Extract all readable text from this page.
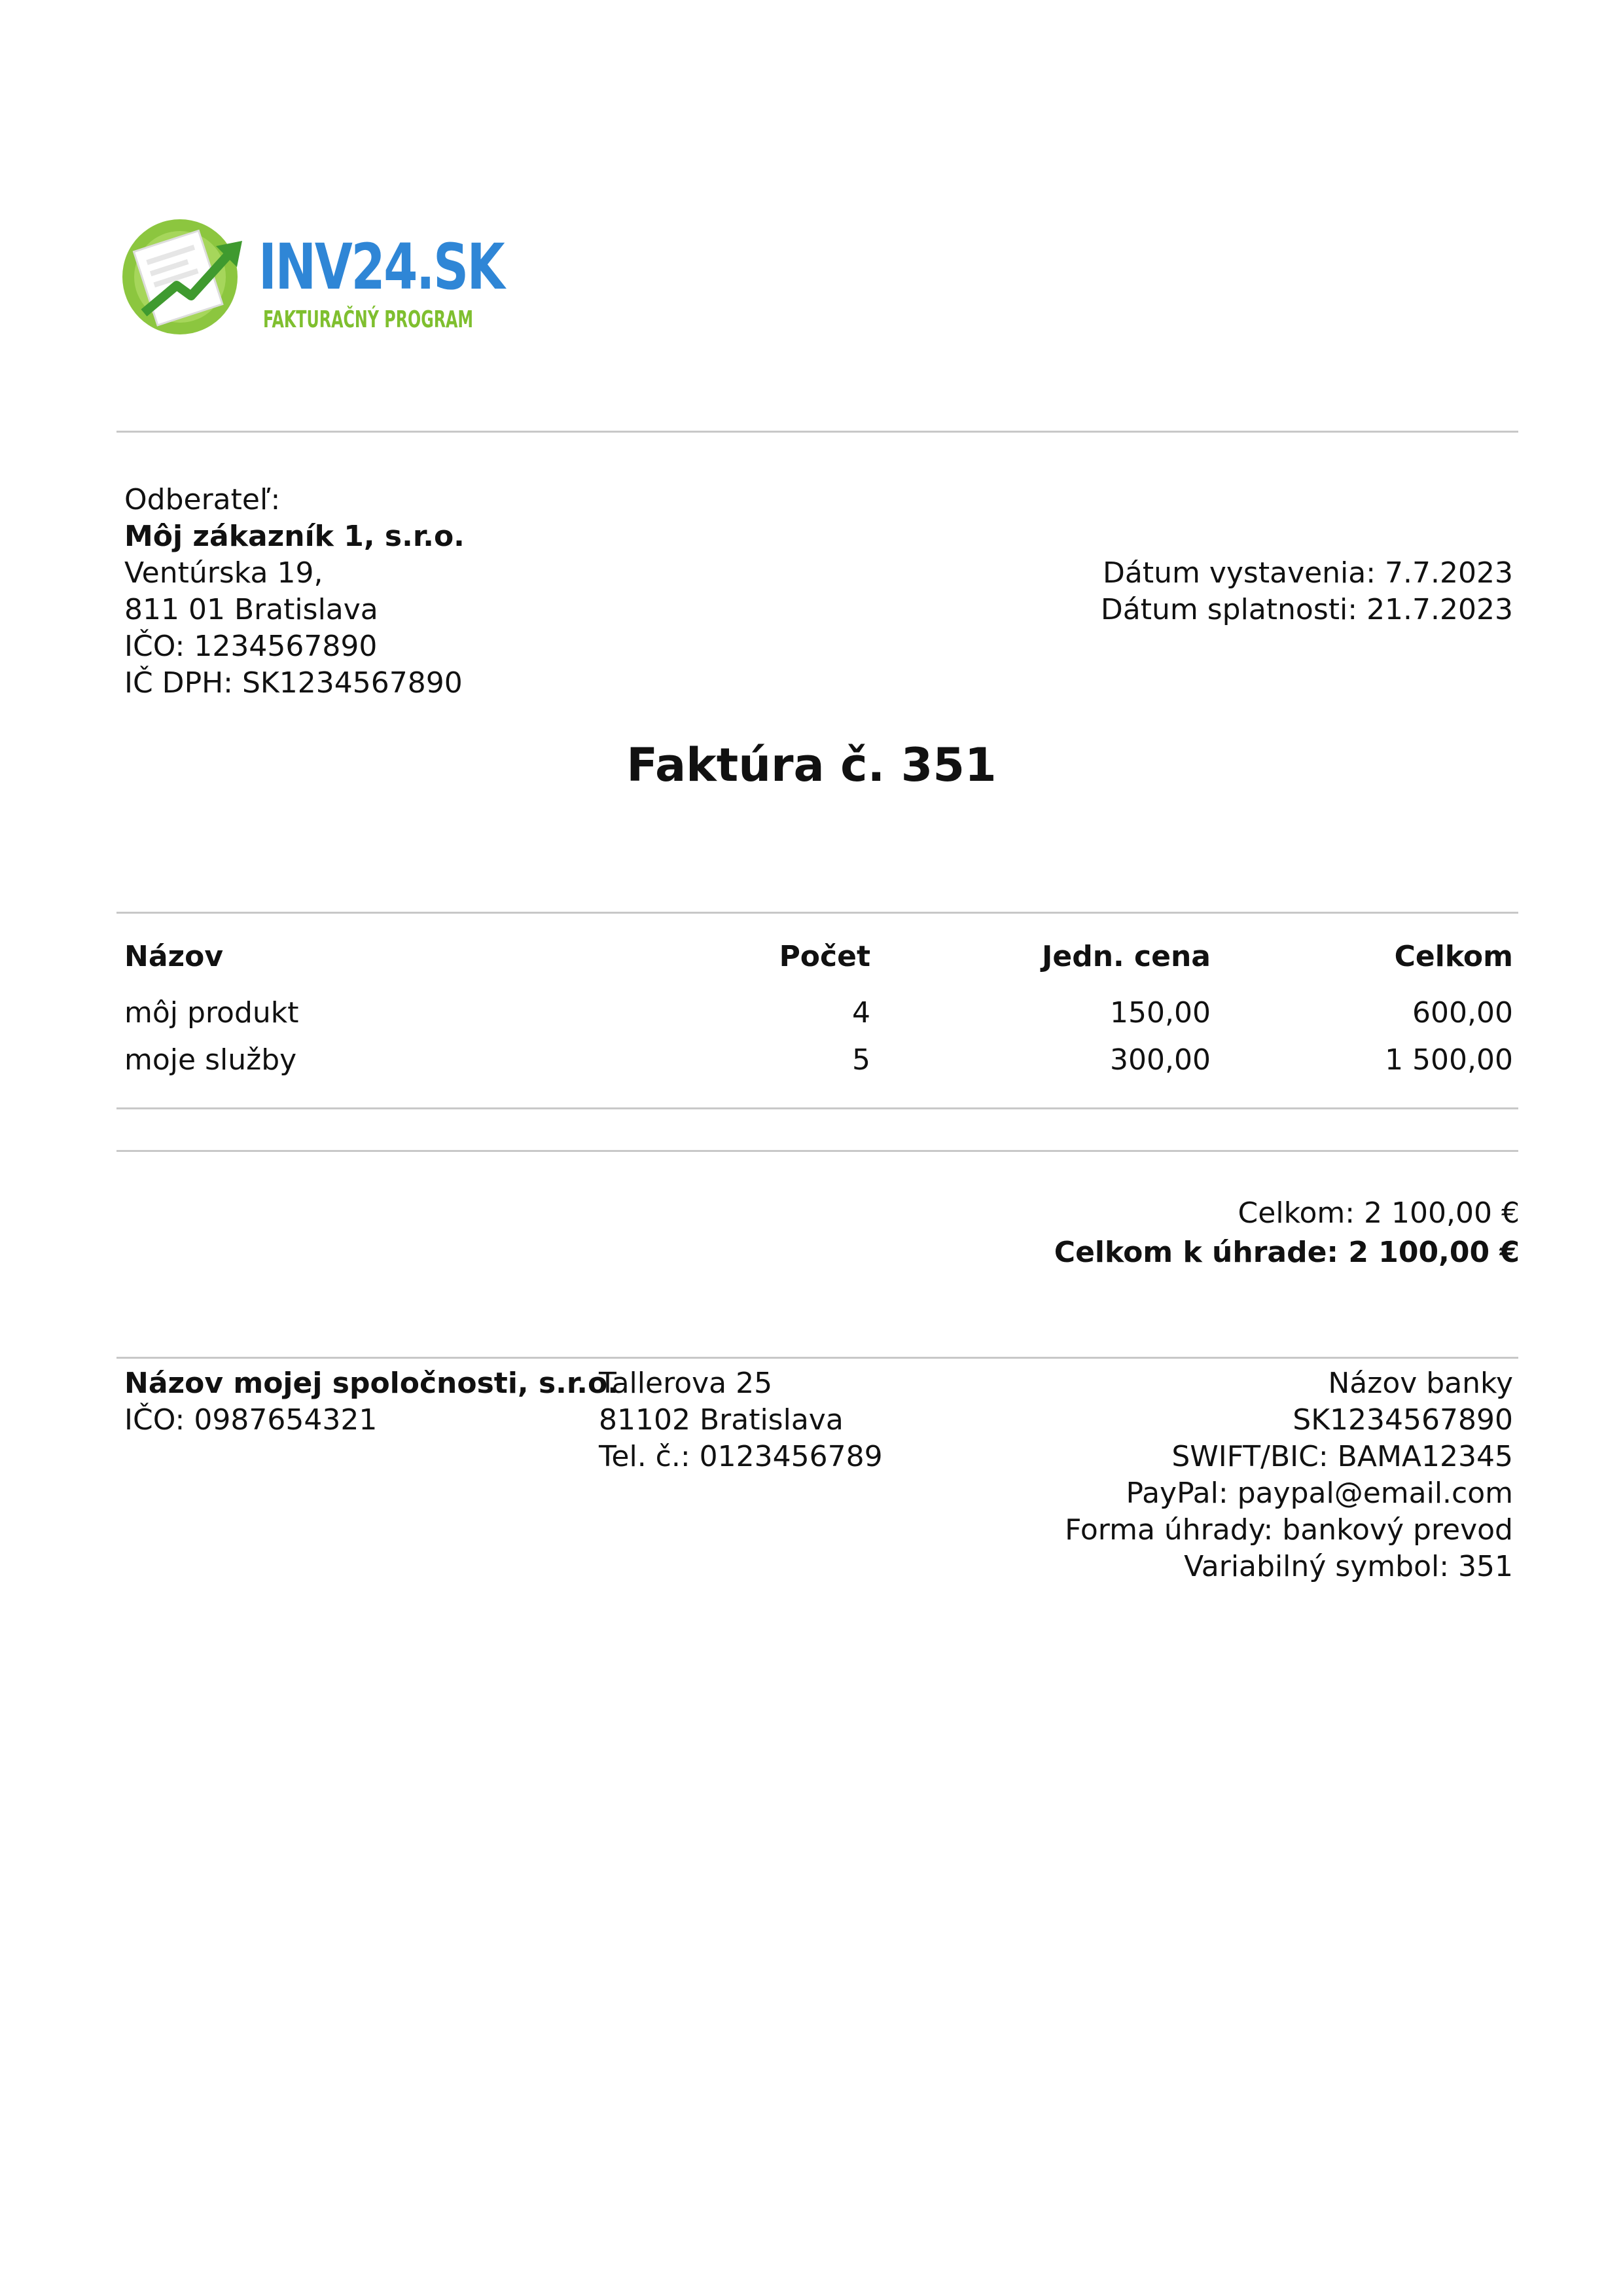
INV24.SK
FAKTURAČNÝ PROGRAM
Odberateľ:
Môj zákazník 1, s.r.o.
Ventúrska 19,
811 01 Bratislava
IČO: 1234567890
IČ DPH: SK1234567890
Dátum vystavenia: 7.7.2023
Dátum splatnosti: 21.7.2023
Faktúra č. 351
Názov	Počet	Jedn. cena	Celkom
môj produkt	4	150,00	600,00
moje služby	5	300,00	1 500,00
Celkom: 2 100,00 €
Celkom k úhrade: 2 100,00 €
Názov mojej spoločnosti, s.r.o.
IČO: 0987654321
Tallerova 25
81102 Bratislava
Tel. č.: 0123456789
Názov banky
SK1234567890
SWIFT/BIC: BAMA12345
PayPal: paypal@email.com
Forma úhrady: bankový prevod
Variabilný symbol: 351
